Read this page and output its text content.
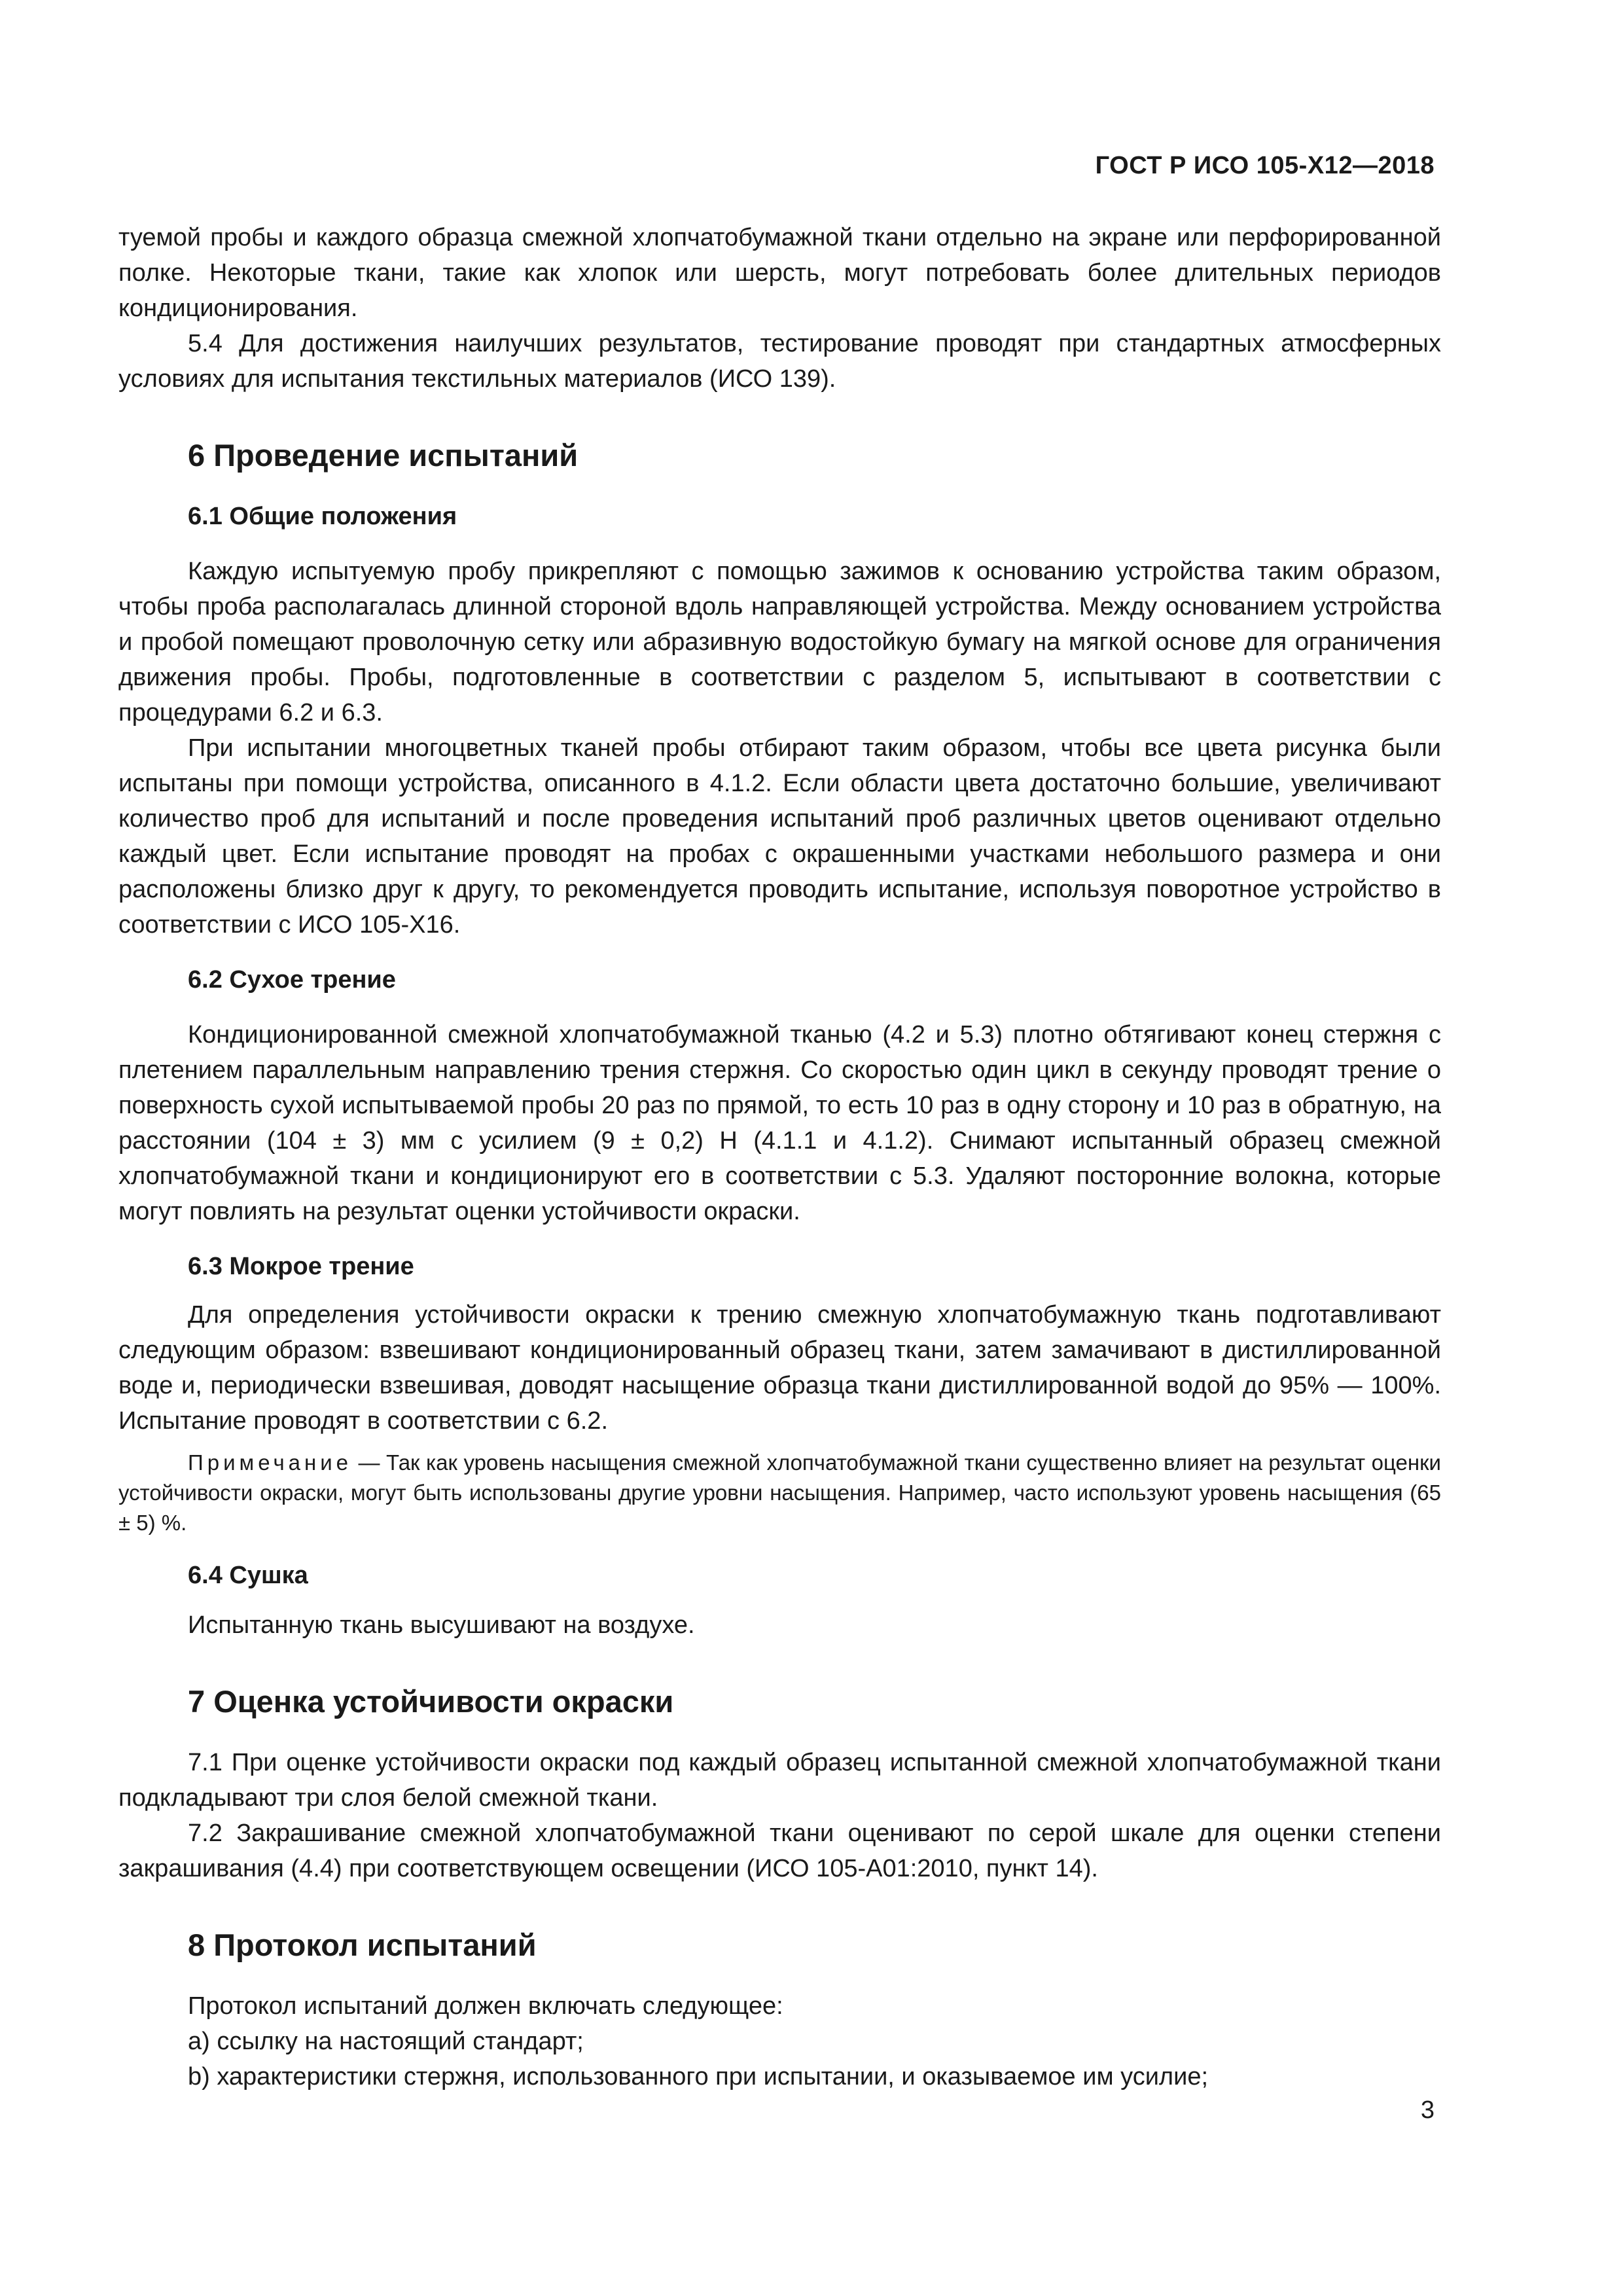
ГОСТ Р ИСО 105-X12—2018

туемой пробы и каждого образца смежной хлопчатобумажной ткани отдельно на экране или перфорированной полке. Некоторые ткани, такие как хлопок или шерсть, могут потребовать более длительных периодов кондиционирования.

5.4 Для достижения наилучших результатов, тестирование проводят при стандартных атмосферных условиях для испытания текстильных материалов (ИСО 139).

6 Проведение испытаний
6.1 Общие положения

Каждую испытуемую пробу прикрепляют с помощью зажимов к основанию устройства таким образом, чтобы проба располагалась длинной стороной вдоль направляющей устройства. Между основанием устройства и пробой помещают проволочную сетку или абразивную водостойкую бумагу на мягкой основе для ограничения движения пробы. Пробы, подготовленные в соответствии с разделом 5, испытывают в соответствии с процедурами 6.2 и 6.3.

При испытании многоцветных тканей пробы отбирают таким образом, чтобы все цвета рисунка были испытаны при помощи устройства, описанного в 4.1.2. Если области цвета достаточно большие, увеличивают количество проб для испытаний и после проведения испытаний проб различных цветов оценивают отдельно каждый цвет. Если испытание проводят на пробах с окрашенными участками небольшого размера и они расположены близко друг к другу, то рекомендуется проводить испытание, используя поворотное устройство в соответствии с ИСО 105-X16.

6.2 Сухое трение

Кондиционированной смежной хлопчатобумажной тканью (4.2 и 5.3) плотно обтягивают конец стержня с плетением параллельным направлению трения стержня. Со скоростью один цикл в секунду проводят трение о поверхность сухой испытываемой пробы 20 раз по прямой, то есть 10 раз в одну сторону и 10 раз в обратную, на расстоянии (104 ± 3) мм с усилием (9 ± 0,2) Н (4.1.1 и 4.1.2). Снимают испытанный образец смежной хлопчатобумажной ткани и кондиционируют его в соответствии с 5.3. Удаляют посторонние волокна, которые могут повлиять на результат оценки устойчивости окраски.

6.3 Мокрое трение

Для определения устойчивости окраски к трению смежную хлопчатобумажную ткань подготавливают следующим образом: взвешивают кондиционированный образец ткани, затем замачивают в дистиллированной воде и, периодически взвешивая, доводят насыщение образца ткани дистиллированной водой до 95% — 100%. Испытание проводят в соответствии с 6.2.

Примечание — Так как уровень насыщения смежной хлопчатобумажной ткани существенно влияет на результат оценки устойчивости окраски, могут быть использованы другие уровни насыщения. Например, часто используют уровень насыщения (65 ± 5) %.
6.4 Сушка

Испытанную ткань высушивают на воздухе.

7 Оценка устойчивости окраски

7.1 При оценке устойчивости окраски под каждый образец испытанной смежной хлопчатобумажной ткани подкладывают три слоя белой смежной ткани.

7.2 Закрашивание смежной хлопчатобумажной ткани оценивают по серой шкале для оценки степени закрашивания (4.4) при соответствующем освещении (ИСО 105-A01:2010, пункт 14).

8 Протокол испытаний

Протокол испытаний должен включать следующее:

a) ссылку на настоящий стандарт;

b) характеристики стержня, использованного при испытании, и оказываемое им усилие;

3
